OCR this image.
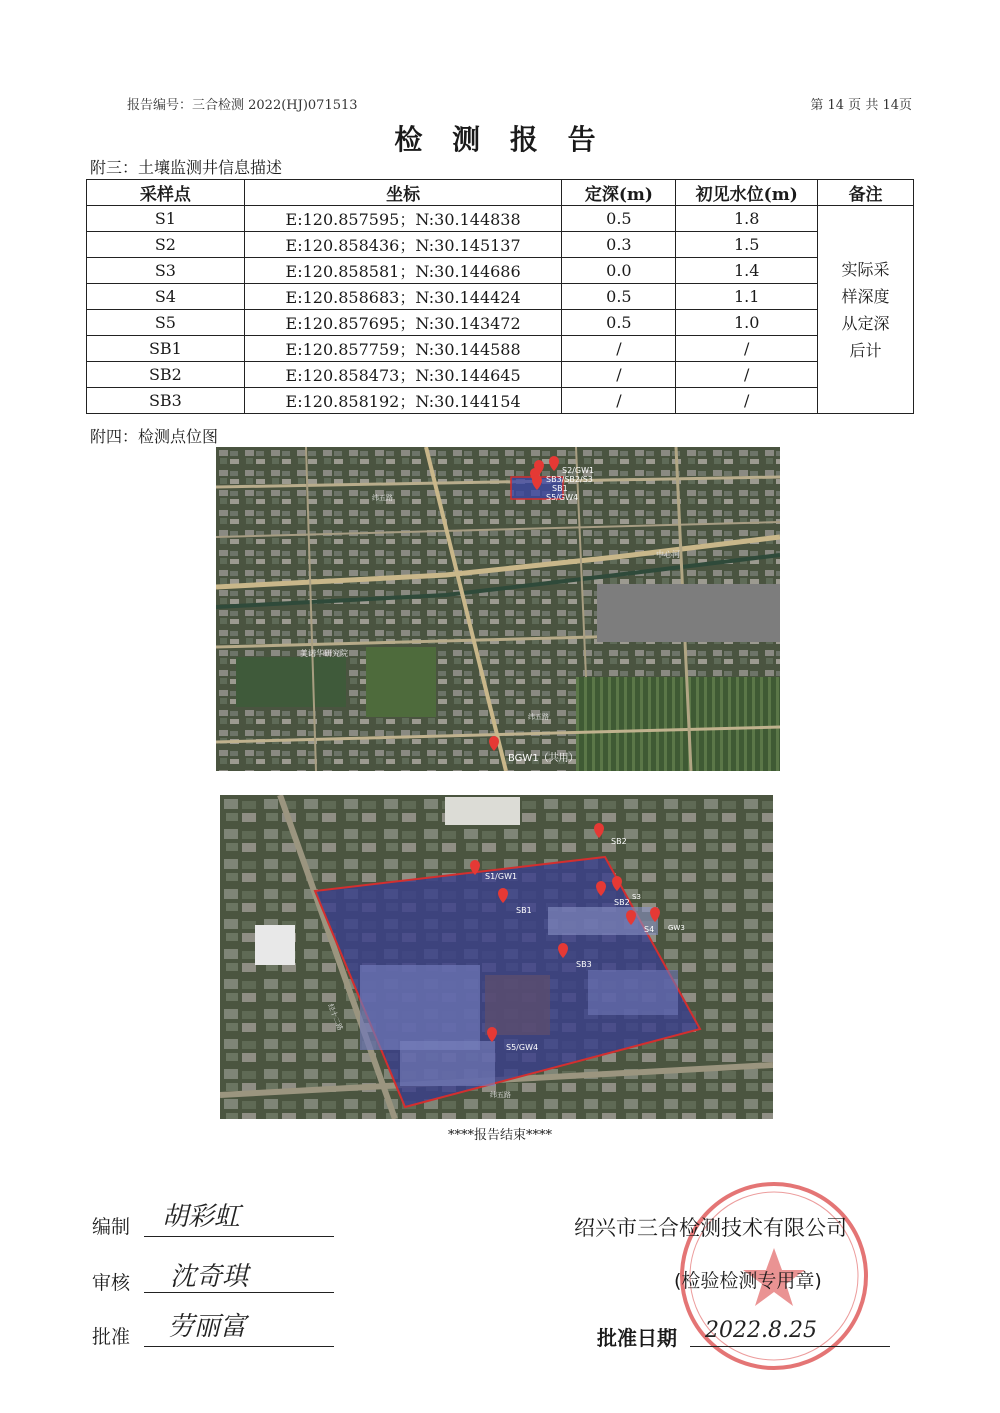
报告编号：三合检测 2022(HJ)071513	第 14 页 共 14页
检 测 报 告
附三：土壤监测井信息描述
采样点	坐标	定深(m)	初见水位(m)	备注
S1	E:120.857595；N:30.144838	0.5	1.8	实际采
样深度
从定深
后计

S2	E:120.858436；N:30.145137	0.3	1.5	
S3	E:120.858581；N:30.144686	0.0	1.4	
S4	E:120.858683；N:30.144424	0.5	1.1	
S5	E:120.857695；N:30.143472	0.5	1.0	
SB1	E:120.857759；N:30.144588	/	/	
SB2	E:120.858473；N:30.144645	/	/	
SB3	E:120.858192；N:30.144154	/	/	
附四：检测点位图
S2/GW1
SB3/SB2/S3
SB1
S5/GW4
BGW1（共用）
纬五路
中心河
纬五路
美诺华研究院
SB2
S1/GW1
SB1
S3
SB2
S4 GW3
SB3
S5/GW4
经十二路
纬五路
****报告结束****
编制 胡彩虹
审核 沈奇琪
批准 劳丽富
绍兴市三合检测技术有限公司
(检验检测专用章)
批准日期 2022.8.25
